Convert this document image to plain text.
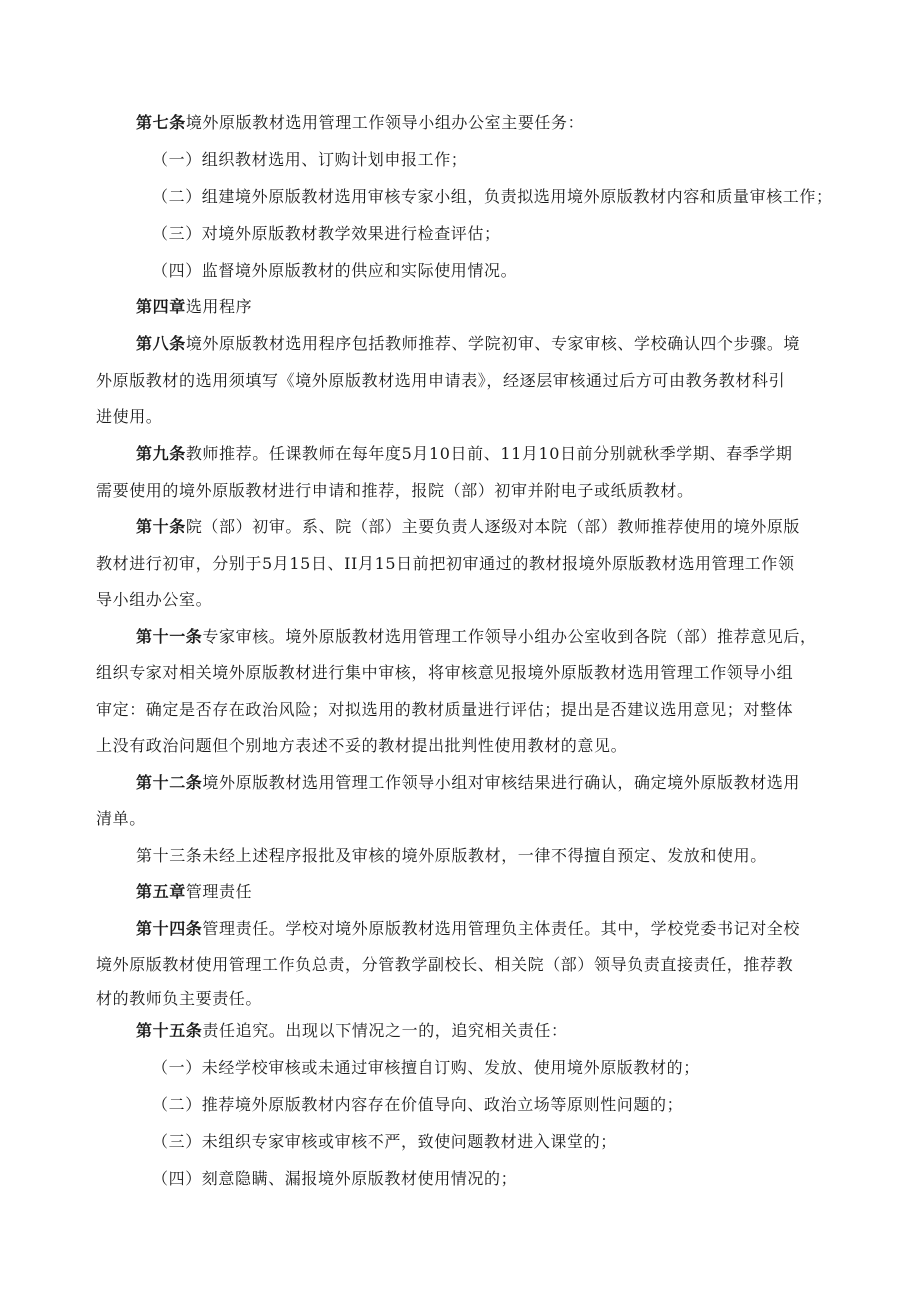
第七条境外原版教材选用管理工作领导小组办公室主要任务：
（一）组织教材选用、订购计划申报工作；
（二）组建境外原版教材选用审核专家小组，负责拟选用境外原版教材内容和质量审核工作；
（三）对境外原版教材教学效果进行检查评估；
（四）监督境外原版教材的供应和实际使用情况。
第四章选用程序
第八条境外原版教材选用程序包括教师推荐、学院初审、专家审核、学校确认四个步骤。境
外原版教材的选用须填写《境外原版教材选用申请表》，经逐层审核通过后方可由教务教材科引
进使用。
第九条教师推荐。任课教师在每年度5月10日前、11月10日前分别就秋季学期、春季学期
需要使用的境外原版教材进行申请和推荐，报院（部）初审并附电子或纸质教材。
第十条院（部）初审。系、院（部）主要负责人逐级对本院（部）教师推荐使用的境外原版
教材进行初审，分别于5月15日、II月15日前把初审通过的教材报境外原版教材选用管理工作领
导小组办公室。
第十一条专家审核。境外原版教材选用管理工作领导小组办公室收到各院（部）推荐意见后，
组织专家对相关境外原版教材进行集中审核，将审核意见报境外原版教材选用管理工作领导小组
审定：确定是否存在政治风险；对拟选用的教材质量进行评估；提出是否建议选用意见；对整体
上没有政治问题但个别地方表述不妥的教材提出批判性使用教材的意见。
第十二条境外原版教材选用管理工作领导小组对审核结果进行确认，确定境外原版教材选用
清单。
第十三条未经上述程序报批及审核的境外原版教材，一律不得擅自预定、发放和使用。
第五章管理责任
第十四条管理责任。学校对境外原版教材选用管理负主体责任。其中，学校党委书记对全校
境外原版教材使用管理工作负总责，分管教学副校长、相关院（部）领导负责直接责任，推荐教
材的教师负主要责任。
第十五条责任追究。出现以下情况之一的，追究相关责任：
（一）未经学校审核或未通过审核擅自订购、发放、使用境外原版教材的；
（二）推荐境外原版教材内容存在价值导向、政治立场等原则性问题的；
（三）未组织专家审核或审核不严，致使问题教材进入课堂的；
（四）刻意隐瞒、漏报境外原版教材使用情况的；
